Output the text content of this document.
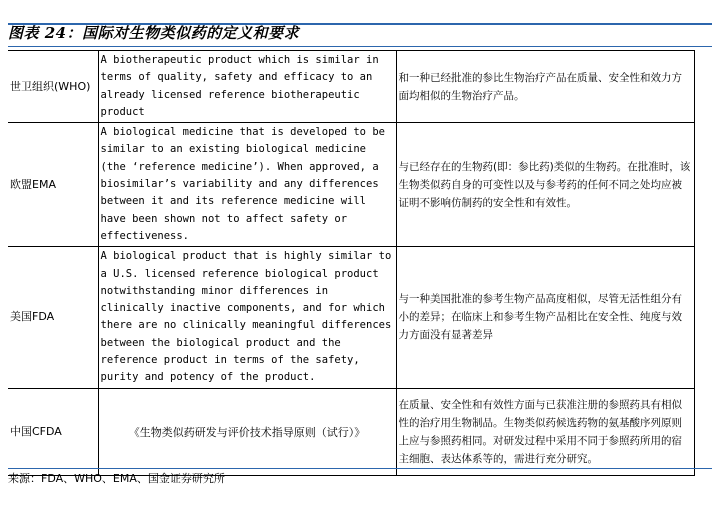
图表 24：国际对生物类似药的定义和要求
世卫组织(WHO)	A biotherapeutic product which is similar in terms of quality, safety and efficacy to an already licensed reference biotherapeutic product	和一种已经批准的参比生物治疗产品在质量、安全性和效力方面均相似的生物治疗产品。
欧盟EMA	A biological medicine that is developed to be similar to an existing biological medicine (the ‘reference medicine’). When approved, a biosimilar’s variability and any differences between it and its reference medicine will have been shown not to affect safety or effectiveness.	与已经存在的生物药(即：参比药)类似的生物药。在批准时，该生物类似药自身的可变性以及与参考药的任何不同之处均应被证明不影响仿制药的安全性和有效性。
美国FDA	A biological product that is highly similar to a U.S. licensed reference biological product notwithstanding minor differences in clinically inactive components, and for which there are no clinically meaningful differences between the biological product and the reference product in terms of the safety, purity and potency of the product.	与一种美国批准的参考生物产品高度相似，尽管无活性组分有小的差异；在临床上和参考生物产品相比在安全性、纯度与效力方面没有显著差异
中国CFDA	《生物类似药研发与评价技术指导原则（试行）》	在质量、安全性和有效性方面与已获准注册的参照药具有相似性的治疗用生物制品。生物类似药候选药物的氨基酸序列原则上应与参照药相同。对研发过程中采用不同于参照药所用的宿主细胞、表达体系等的，需进行充分研究。
来源：FDA、WHO、EMA、国金证券研究所
